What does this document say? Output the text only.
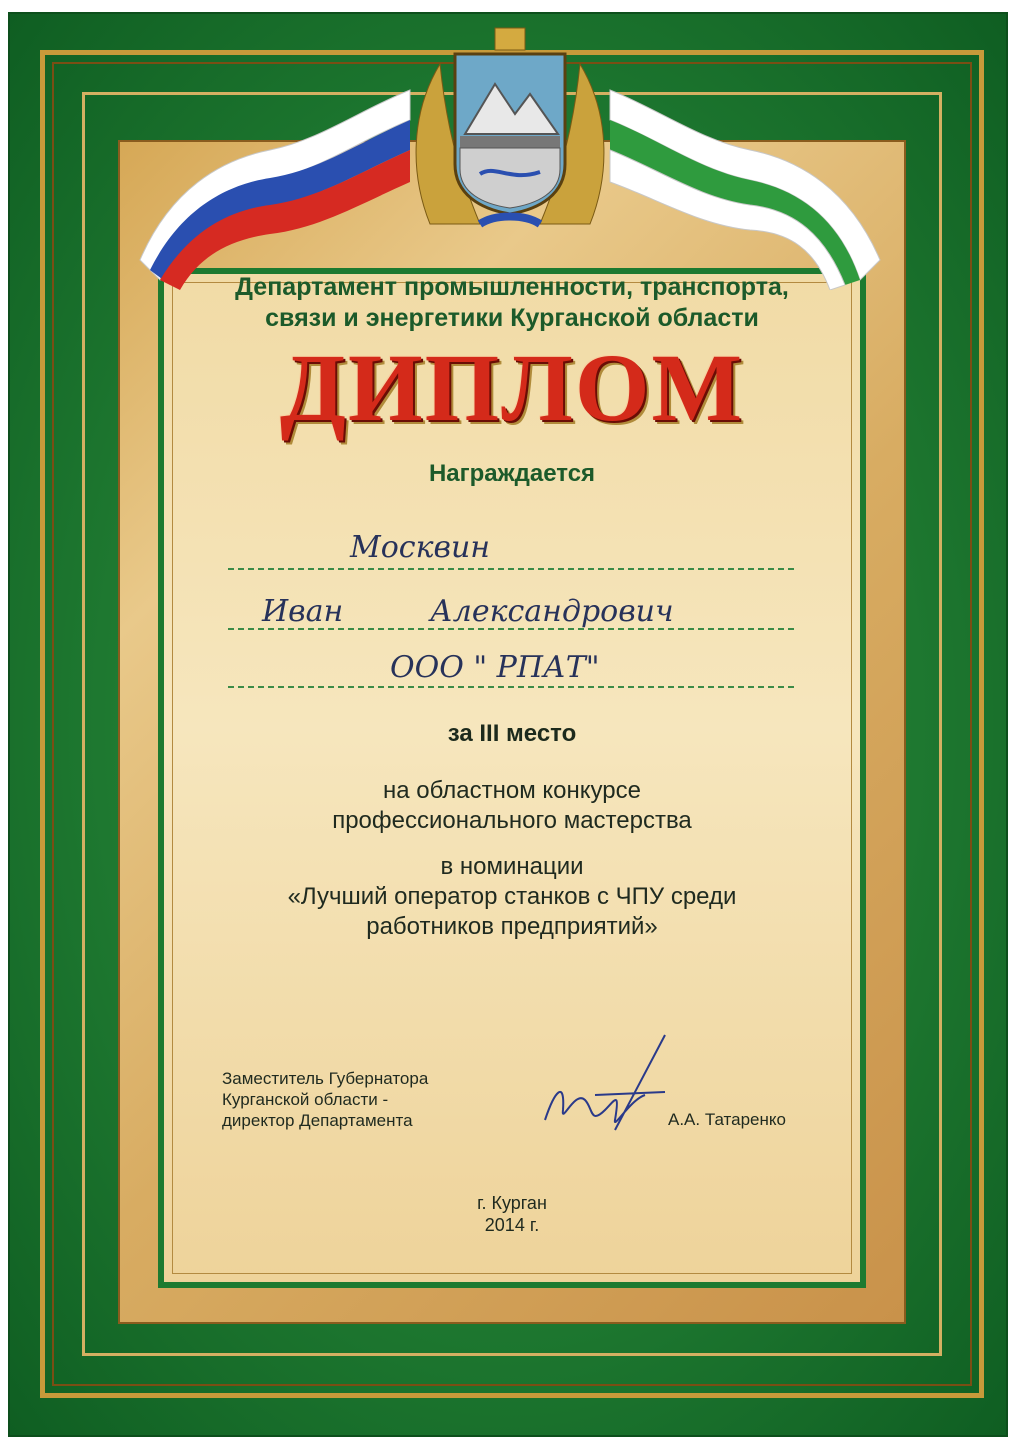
Департамент промышленности, транспорта,
связи и энергетики Курганской области
ДИПЛОМ
Награждается
Москвин
Иван	Александрович
ООО " РПАТ"
за III место
на областном конкурсе
профессионального мастерства
в номинации
«Лучший оператор станков с ЧПУ среди
работников предприятий»
Заместитель Губернатора
Курганской области -
директор Департамента	А.А. Татаренко
г. Курган
2014 г.
